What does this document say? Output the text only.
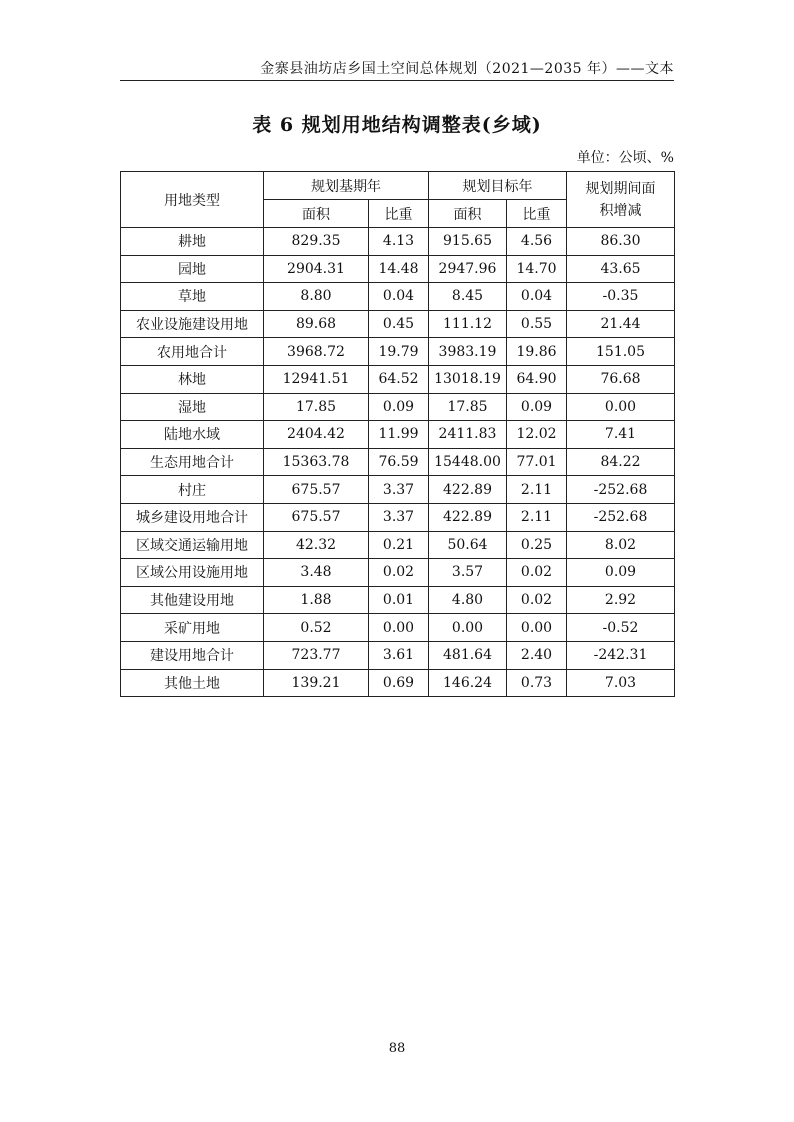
金寨县油坊店乡国土空间总体规划（2021—2035 年）——文本
表 6 规划用地结构调整表(乡域)
单位：公顷、%
用地类型	规划基期年		规划目标年		规划期间面积增减
	面积	比重	面积	比重	
耕地	829.35	4.13	915.65	4.56	86.30
园地	2904.31	14.48	2947.96	14.70	43.65
草地	8.80	0.04	8.45	0.04	-0.35
农业设施建设用地	89.68	0.45	111.12	0.55	21.44
农用地合计	3968.72	19.79	3983.19	19.86	151.05
林地	12941.51	64.52	13018.19	64.90	76.68
湿地	17.85	0.09	17.85	0.09	0.00
陆地水域	2404.42	11.99	2411.83	12.02	7.41
生态用地合计	15363.78	76.59	15448.00	77.01	84.22
村庄	675.57	3.37	422.89	2.11	-252.68
城乡建设用地合计	675.57	3.37	422.89	2.11	-252.68
区域交通运输用地	42.32	0.21	50.64	0.25	8.02
区域公用设施用地	3.48	0.02	3.57	0.02	0.09
其他建设用地	1.88	0.01	4.80	0.02	2.92
采矿用地	0.52	0.00	0.00	0.00	-0.52
建设用地合计	723.77	3.61	481.64	2.40	-242.31
其他土地	139.21	0.69	146.24	0.73	7.03
88
